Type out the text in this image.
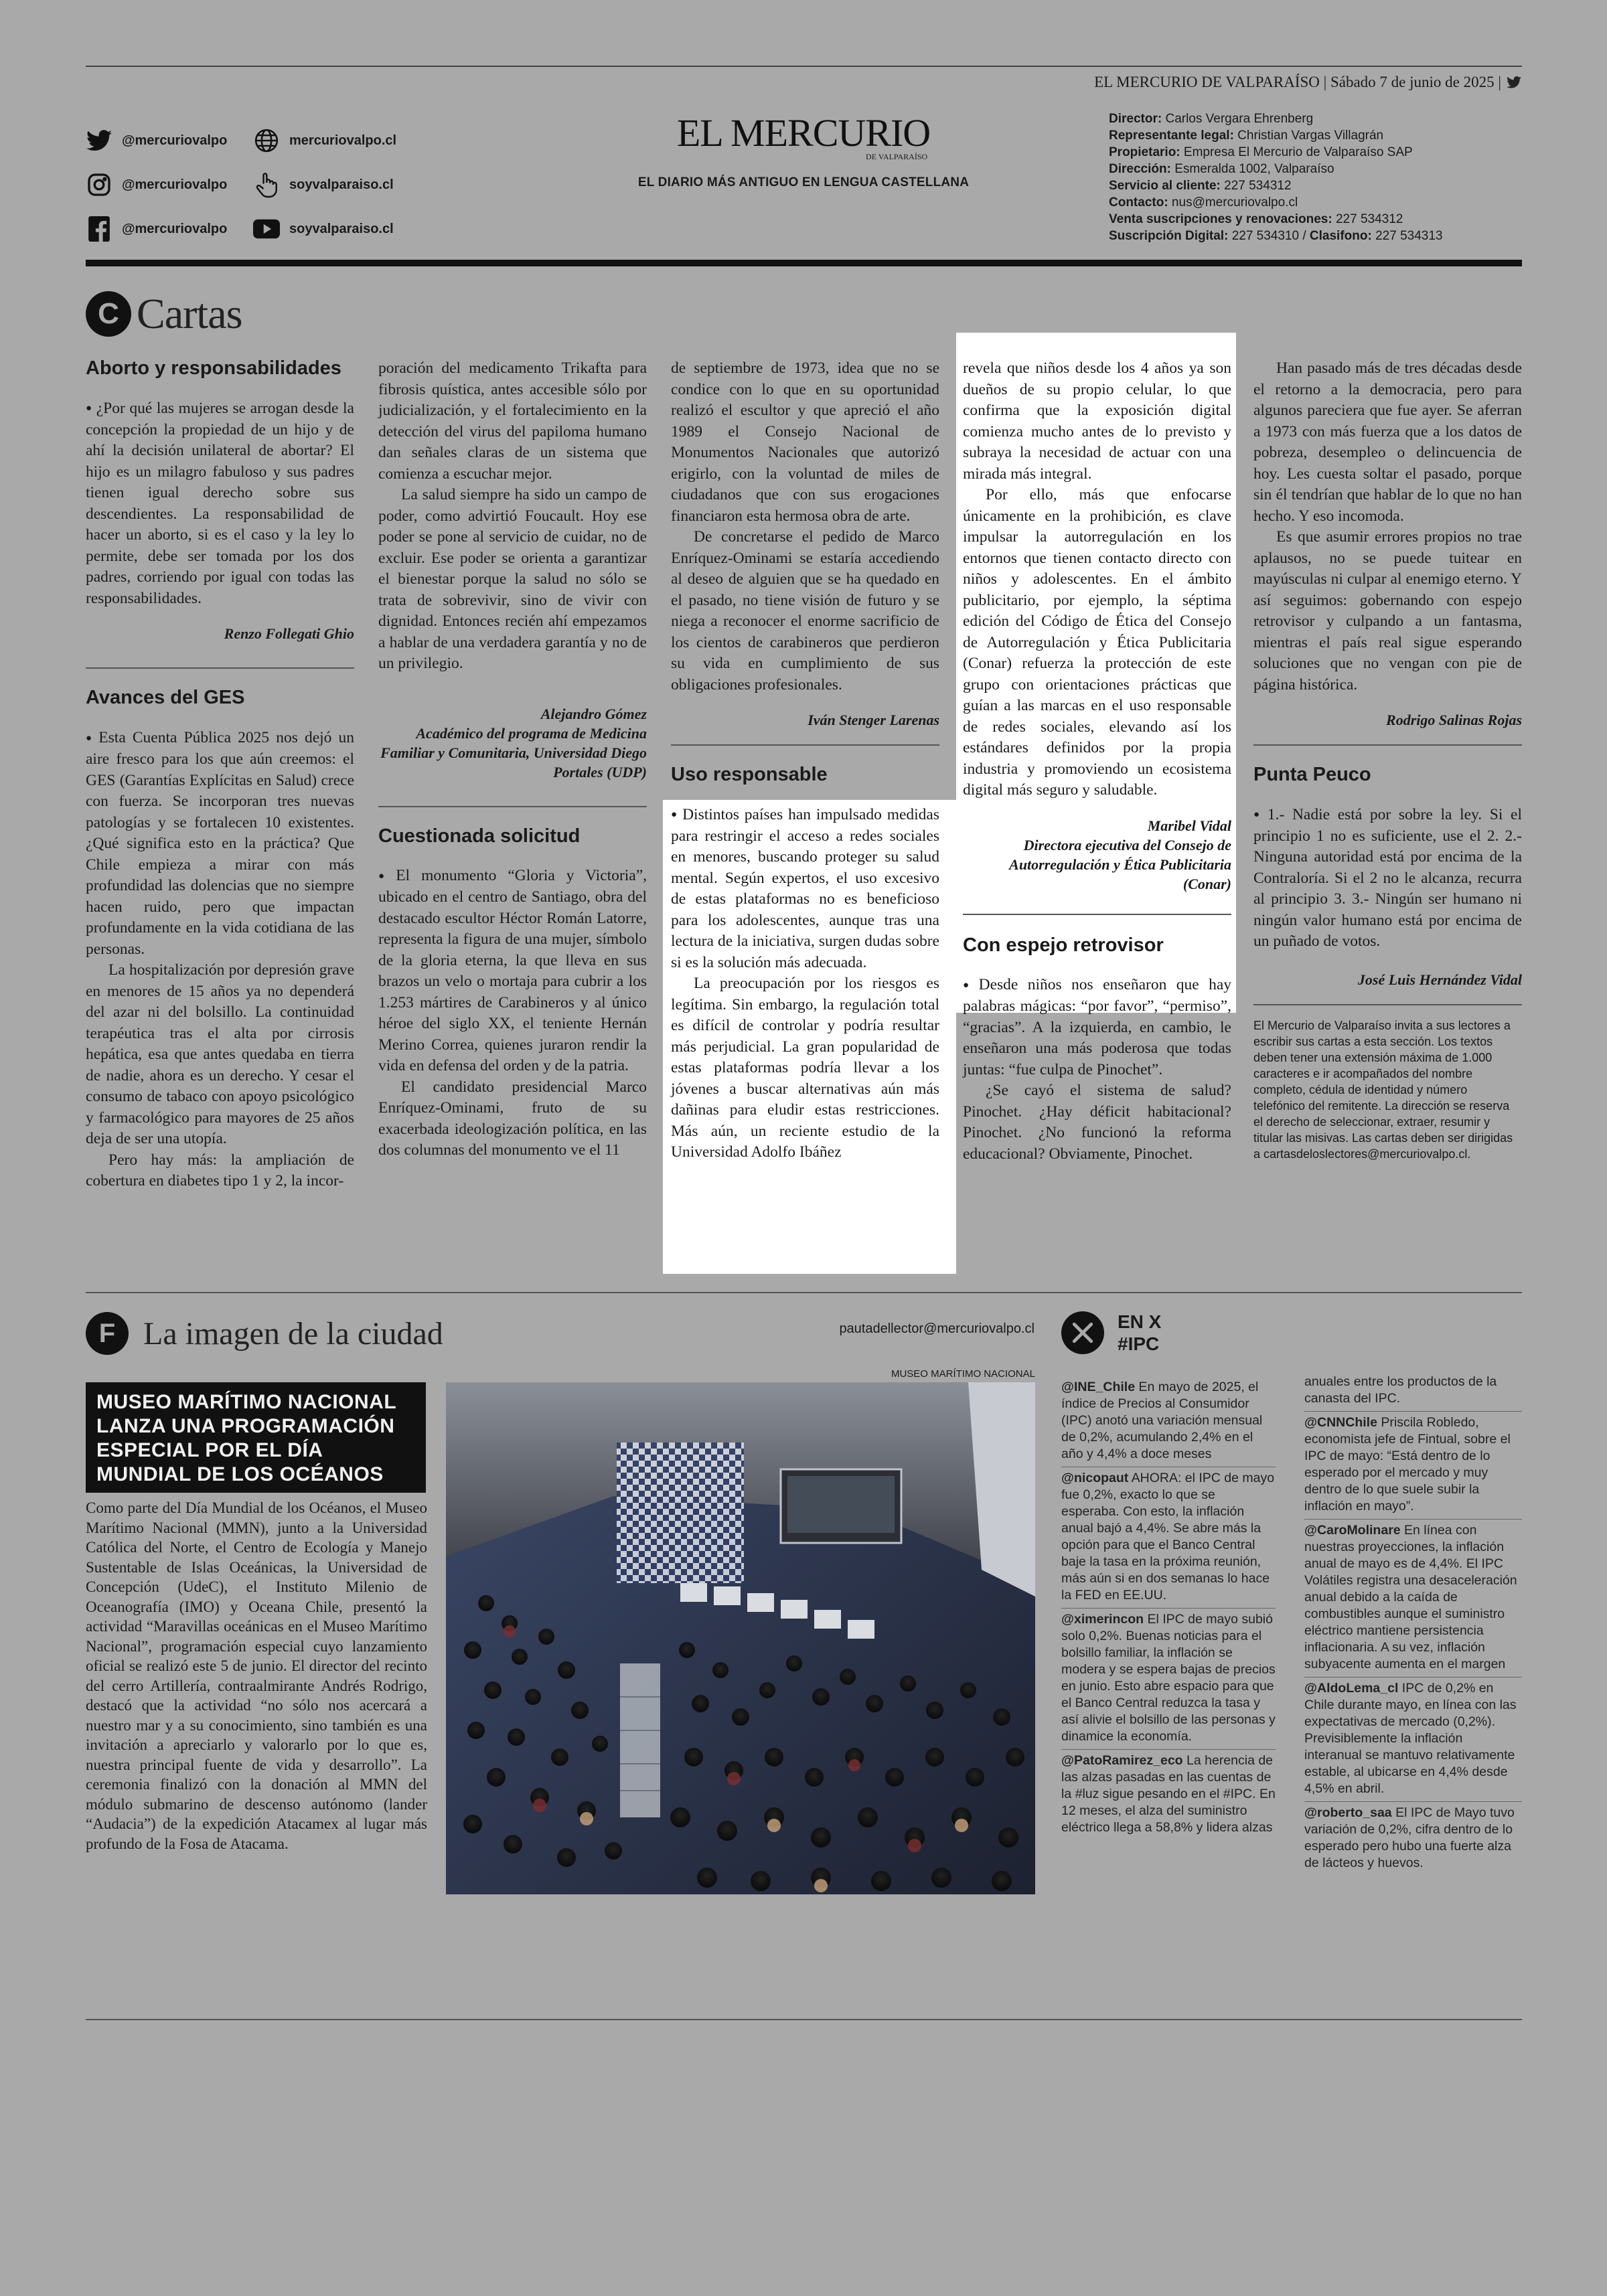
EL MERCURIO DE VALPARAÍSO | Sábado 7 de junio de 2025 |
@mercuriovalpo	mercuriovalpo.cl
@mercuriovalpo	soyvalparaiso.cl
@mercuriovalpo	soyvalparaiso.cl
EL MERCURIO
DE VALPARAÍSO
EL DIARIO MÁS ANTIGUO EN LENGUA CASTELLANA
Director: Carlos Vergara Ehrenberg
Representante legal: Christian Vargas Villagrán
Propietario: Empresa El Mercurio de Valparaíso SAP
Dirección: Esmeralda 1002, Valparaíso
Servicio al cliente: 227 534312
Contacto: nus@mercuriovalpo.cl
Venta suscripciones y renovaciones: 227 534312
Suscripción Digital: 227 534310 / Clasifono: 227 534313
C Cartas
Aborto y responsabilidades

● ¿Por qué las mujeres se arrogan desde la concepción la propiedad de un hijo y de ahí la decisión unilateral de abortar? El hijo es un milagro fabuloso y sus padres tienen igual derecho sobre sus descendientes. La responsabilidad de hacer un aborto, si es el caso y la ley lo permite, debe ser tomada por los dos padres, corriendo por igual con todas las responsabilidades.

Renzo Follegati Ghio
Avances del GES

● Esta Cuenta Pública 2025 nos dejó un aire fresco para los que aún creemos: el GES (Garantías Explícitas en Salud) crece con fuerza. Se incorporan tres nuevas patologías y se fortalecen 10 existentes. ¿Qué significa esto en la práctica? Que Chile empieza a mirar con más profundidad las dolencias que no siempre hacen ruido, pero que impactan profundamente en la vida cotidiana de las personas.

La hospitalización por depresión grave en menores de 15 años ya no dependerá del azar ni del bolsillo. La continuidad terapéutica tras el alta por cirrosis hepática, esa que antes quedaba en tierra de nadie, ahora es un derecho. Y cesar el consumo de tabaco con apoyo psicológico y farmacológico para mayores de 25 años deja de ser una utopía.

Pero hay más: la ampliación de cobertura en diabetes tipo 1 y 2, la incor-

poración del medicamento Trikafta para fibrosis quística, antes accesible sólo por judicialización, y el fortalecimiento en la detección del virus del papiloma humano dan señales claras de un sistema que comienza a escuchar mejor.

La salud siempre ha sido un campo de poder, como advirtió Foucault. Hoy ese poder se pone al servicio de cuidar, no de excluir. Ese poder se orienta a garantizar el bienestar porque la salud no sólo se trata de sobrevivir, sino de vivir con dignidad. Entonces recién ahí empezamos a hablar de una verdadera garantía y no de un privilegio.

Alejandro Gómez
Académico del programa de Medicina Familiar y Comunitaria, Universidad Diego Portales (UDP)
Cuestionada solicitud

● El monumento “Gloria y Victoria”, ubicado en el centro de Santiago, obra del destacado escultor Héctor Román Latorre, representa la figura de una mujer, símbolo de la gloria eterna, la que lleva en sus brazos un velo o mortaja para cubrir a los 1.253 mártires de Carabineros y al único héroe del siglo XX, el teniente Hernán Merino Correa, quienes juraron rendir la vida en defensa del orden y de la patria.

El candidato presidencial Marco Enríquez-Ominami, fruto de su exacerbada ideologización política, en las dos columnas del monumento ve el 11

de septiembre de 1973, idea que no se condice con lo que en su oportunidad realizó el escultor y que apreció el año 1989 el Consejo Nacional de Monumentos Nacionales que autorizó erigirlo, con la voluntad de miles de ciudadanos que con sus erogaciones financiaron esta hermosa obra de arte.

De concretarse el pedido de Marco Enríquez-Ominami se estaría accediendo al deseo de alguien que se ha quedado en el pasado, no tiene visión de futuro y se niega a reconocer el enorme sacrificio de los cientos de carabineros que perdieron su vida en cumplimiento de sus obligaciones profesionales.

Iván Stenger Larenas
Uso responsable

● Distintos países han impulsado medidas para restringir el acceso a redes sociales en menores, buscando proteger su salud mental. Según expertos, el uso excesivo de estas plataformas no es beneficioso para los adolescentes, aunque tras una lectura de la iniciativa, surgen dudas sobre si es la solución más adecuada.

La preocupación por los riesgos es legítima. Sin embargo, la regulación total es difícil de controlar y podría resultar más perjudicial. La gran popularidad de estas plataformas podría llevar a los jóvenes a buscar alternativas aún más dañinas para eludir estas restricciones. Más aún, un reciente estudio de la Universidad Adolfo Ibáñez

revela que niños desde los 4 años ya son dueños de su propio celular, lo que confirma que la exposición digital comienza mucho antes de lo previsto y subraya la necesidad de actuar con una mirada más integral.

Por ello, más que enfocarse únicamente en la prohibición, es clave impulsar la autorregulación en los entornos que tienen contacto directo con niños y adolescentes. En el ámbito publicitario, por ejemplo, la séptima edición del Código de Ética del Consejo de Autorregulación y Ética Publicitaria (Conar) refuerza la protección de este grupo con orientaciones prácticas que guían a las marcas en el uso responsable de redes sociales, elevando así los estándares definidos por la propia industria y promoviendo un ecosistema digital más seguro y saludable.

Maribel Vidal
Directora ejecutiva del Consejo de Autorregulación y Ética Publicitaria (Conar)
Con espejo retrovisor

● Desde niños nos enseñaron que hay palabras mágicas: “por favor”, “permiso”, “gracias”. A la izquierda, en cambio, le enseñaron una más poderosa que todas juntas: “fue culpa de Pinochet”.

¿Se cayó el sistema de salud? Pinochet. ¿Hay déficit habitacional? Pinochet. ¿No funcionó la reforma educacional? Obviamente, Pinochet.

Han pasado más de tres décadas desde el retorno a la democracia, pero para algunos pareciera que fue ayer. Se aferran a 1973 con más fuerza que a los datos de pobreza, desempleo o delincuencia de hoy. Les cuesta soltar el pasado, porque sin él tendrían que hablar de lo que no han hecho. Y eso incomoda.

Es que asumir errores propios no trae aplausos, no se puede tuitear en mayúsculas ni culpar al enemigo eterno. Y así seguimos: gobernando con espejo retrovisor y culpando a un fantasma, mientras el país real sigue esperando soluciones que no vengan con pie de página histórica.

Rodrigo Salinas Rojas
Punta Peuco

● 1.- Nadie está por sobre la ley. Si el principio 1 no es suficiente, use el 2. 2.- Ninguna autoridad está por encima de la Contraloría. Si el 2 no le alcanza, recurra al principio 3. 3.- Ningún ser humano ni ningún valor humano está por encima de un puñado de votos.

José Luis Hernández Vidal
El Mercurio de Valparaíso invita a sus lectores a escribir sus cartas a esta sección. Los textos deben tener una extensión máxima de 1.000 caracteres e ir acompañados del nombre completo, cédula de identidad y número telefónico del remitente. La dirección se reserva el derecho de seleccionar, extraer, resumir y titular las misivas. Las cartas deben ser dirigidas a cartasdeloslectores@mercuriovalpo.cl.
F La imagen de la ciudad	pautadellector@mercuriovalpo.cl
MUSEO MARÍTIMO NACIONAL LANZA UNA PROGRAMACIÓN ESPECIAL POR EL DÍA MUNDIAL DE LOS OCÉANOS
Como parte del Día Mundial de los Océanos, el Museo Marítimo Nacional (MMN), junto a la Universidad Católica del Norte, el Centro de Ecología y Manejo Sustentable de Islas Oceánicas, la Universidad de Concepción (UdeC), el Instituto Milenio de Oceanografía (IMO) y Oceana Chile, presentó la actividad “Maravillas oceánicas en el Museo Marítimo Nacional”, programación especial cuyo lanzamiento oficial se realizó este 5 de junio. El director del recinto del cerro Artillería, contraalmirante Andrés Rodrigo, destacó que la actividad “no sólo nos acercará a nuestro mar y a su conocimiento, sino también es una invitación a apreciarlo y valorarlo por lo que es, nuestra principal fuente de vida y desarrollo”. La ceremonia finalizó con la donación al MMN del módulo submarino de descenso autónomo (lander “Audacia”) de la expedición Atacamex al lugar más profundo de la Fosa de Atacama.
MUSEO MARÍTIMO NACIONAL
EN X
#IPC
@INE_Chile En mayo de 2025, el índice de Precios al Consumidor (IPC) anotó una variación mensual de 0,2%, acumulando 2,4% en el año y 4,4% a doce meses
@nicopaut AHORA: el IPC de mayo fue 0,2%, exacto lo que se esperaba. Con esto, la inflación anual bajó a 4,4%. Se abre más la opción para que el Banco Central baje la tasa en la próxima reunión, más aún si en dos semanas lo hace la FED en EE.UU.
@ximerincon El IPC de mayo subió solo 0,2%. Buenas noticias para el bolsillo familiar, la inflación se modera y se espera bajas de precios en junio. Esto abre espacio para que el Banco Central reduzca la tasa y así alivie el bolsillo de las personas y dinamice la economía.
@PatoRamirez_eco La herencia de las alzas pasadas en las cuentas de la #luz sigue pesando en el #IPC. En 12 meses, el alza del suministro eléctrico llega a 58,8% y lidera alzas
anuales entre los productos de la canasta del IPC.
@CNNChile Priscila Robledo, economista jefe de Fintual, sobre el IPC de mayo: “Está dentro de lo esperado por el mercado y muy dentro de lo que suele subir la inflación en mayo”.
@CaroMolinare En línea con nuestras proyecciones, la inflación anual de mayo es de 4,4%. El IPC Volátiles registra una desaceleración anual debido a la caída de combustibles aunque el suministro eléctrico mantiene persistencia inflacionaria. A su vez, inflación subyacente aumenta en el margen
@AldoLema_cl IPC de 0,2% en Chile durante mayo, en línea con las expectativas de mercado (0,2%). Previsiblemente la inflación interanual se mantuvo relativamente estable, al ubicarse en 4,4% desde 4,5% en abril.
@roberto_saa El IPC de Mayo tuvo variación de 0,2%, cifra dentro de lo esperado pero hubo una fuerte alza de lácteos y huevos.
